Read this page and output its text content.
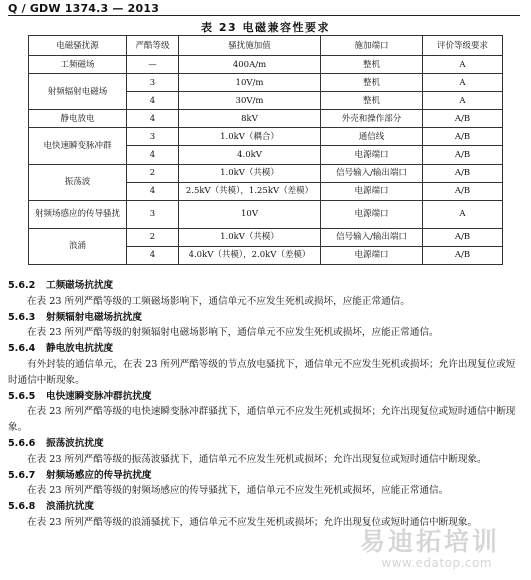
Q / GDW 1374.3 — 2013
表 23 电磁兼容性要求
电磁骚扰源	严酷等级	骚扰施加值	施加端口	评价等级要求
工频磁场	—	400A/m	整机	A
射频辐射电磁场	3	10V/m	整机	A
	4	30V/m	整机	A
静电放电	4	8kV	外壳和操作部分	A/B
电快速瞬变脉冲群	3	1.0kV（耦合）	通信线	A/B
	4	4.0kV	电源端口	A/B
振荡波	2	1.0kV（共模）	信号输入/输出端口	A/B
	4	2.5kV（共模），1.25kV（差模）	电源端口	A/B
射频场感应的传导骚扰	3	10V	电源端口	A
浪涌	2	1.0kV（共模）	信号输入/输出端口	A/B
	4	4.0kV（共模），2.0kV（差模）	电源端口	A/B
5.6.2 工频磁场抗扰度
在表 23 所列严酷等级的工频磁场影响下，通信单元不应发生死机或损坏，应能正常通信。
5.6.3 射频辐射电磁场抗扰度
在表 23 所列严酷等级的射频辐射电磁场影响下，通信单元不应发生死机或损坏，应能正常通信。
5.6.4 静电放电抗扰度
有外封装的通信单元，在表 23 所列严酷等级的节点放电骚扰下，通信单元不应发生死机或损坏；允许出现复位或短时通信中断现象。
5.6.5 电快速瞬变脉冲群抗扰度
在表 23 所列严酷等级的电快速瞬变脉冲群骚扰下，通信单元不应发生死机或损坏；允许出现复位或短时通信中断现象。
5.6.6 振荡波抗扰度
在表 23 所列严酷等级的振荡波骚扰下，通信单元不应发生死机或损坏；允许出现复位或短时通信中断现象。
5.6.7 射频场感应的传导抗扰度
在表 23 所列严酷等级的射频场感应的传导骚扰下，通信单元不应发生死机或损坏，应能正常通信。
5.6.8 浪涌抗扰度
在表 23 所列严酷等级的浪涌骚扰下，通信单元不应发生死机或损坏；允许出现复位或短时通信中断现象。
易迪拓培训
www.edatop.com
